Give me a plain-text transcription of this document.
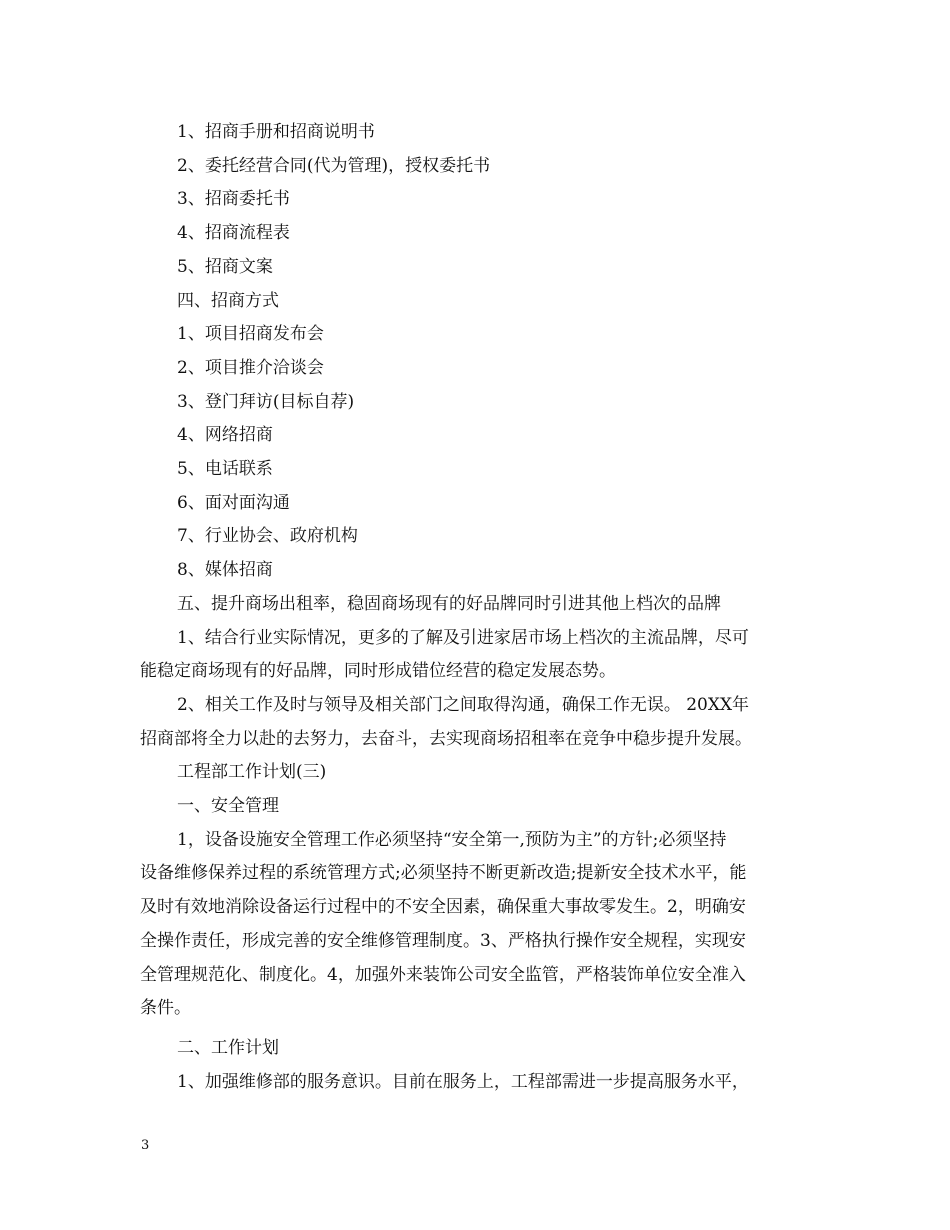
1、招商手册和招商说明书
2、委托经营合同(代为管理)，授权委托书
3、招商委托书
4、招商流程表
5、招商文案
四、招商方式
1、项目招商发布会
2、项目推介洽谈会
3、登门拜访(目标自荐)
4、网络招商
5、电话联系
6、面对面沟通
7、行业协会、政府机构
8、媒体招商
五、提升商场出租率，稳固商场现有的好品牌同时引进其他上档次的品牌
1、结合行业实际情况，更多的了解及引进家居市场上档次的主流品牌，尽可
能稳定商场现有的好品牌，同时形成错位经营的稳定发展态势。
2、相关工作及时与领导及相关部门之间取得沟通，确保工作无误。 20XX年
招商部将全力以赴的去努力，去奋斗，去实现商场招租率在竞争中稳步提升发展。
工程部工作计划(三)
一、安全管理
1，设备设施安全管理工作必须坚持“安全第一,预防为主”的方针;必须坚持
设备维修保养过程的系统管理方式;必须坚持不断更新改造;提新安全技术水平，能
及时有效地消除设备运行过程中的不安全因素，确保重大事故零发生。2，明确安
全操作责任，形成完善的安全维修管理制度。3、严格执行操作安全规程，实现安
全管理规范化、制度化。4，加强外来装饰公司安全监管，严格装饰单位安全准入
条件。
二、工作计划
1、加强维修部的服务意识。目前在服务上，工程部需进一步提高服务水平，
3
